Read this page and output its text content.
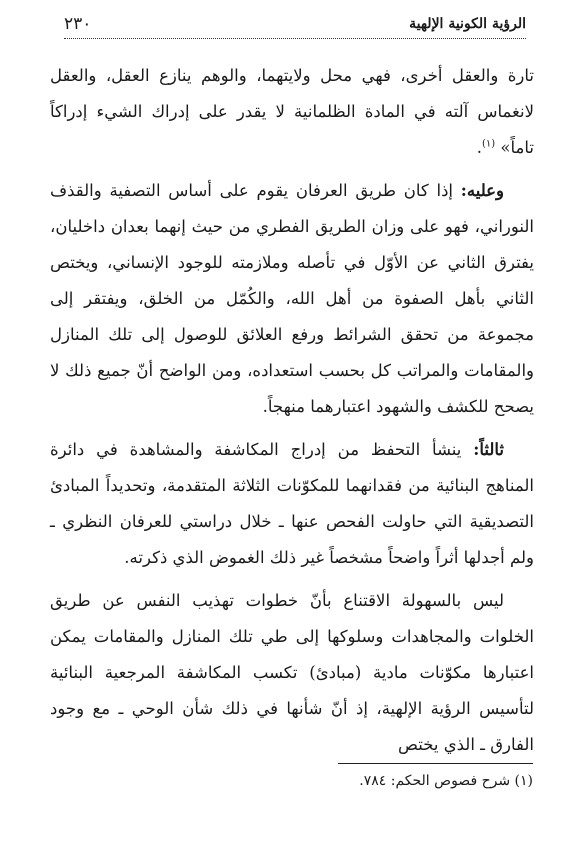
الرؤية الكونية الإلهية
٢٣٠

تارة والعقل أخرى، فهي محل ولايتهما، والوهم ينازع العقل، والعقل لانغماس آلته في المادة الظلمانية لا يقدر على إدراك الشيء إدراكاً تاماً» $^{(١)}$.

وعليه: إذا كان طريق العرفان يقوم على أساس التصفية والقذف النوراني، فهو على وزان الطريق الفطري من حيث إنهما بعدان داخليان، يفترق الثاني عن الأوّل في تأصله وملازمته للوجود الإنساني، ويختص الثاني بأهل الصفوة من أهل الله، والكُمّل من الخلق، ويفتقر إلى مجموعة من تحقق الشرائط ورفع العلائق للوصول إلى تلك المنازل والمقامات والمراتب كل بحسب استعداده، ومن الواضح أنّ جميع ذلك لا يصحح للكشف والشهود اعتبارهما منهجاً.

ثالثاً: ينشأ التحفظ من إدراج المكاشفة والمشاهدة في دائرة المناهج البنائية من فقدانهما للمكوّنات الثلاثة المتقدمة، وتحديداً المبادئ التصديقية التي حاولت الفحص عنها ـ خلال دراستي للعرفان النظري ـ ولم أجدلها أثراً واضحاً مشخصاً غير ذلك الغموض الذي ذكرته.

ليس بالسهولة الاقتناع بأنّ خطوات تهذيب النفس عن طريق الخلوات والمجاهدات وسلوكها إلى طي تلك المنازل والمقامات يمكن اعتبارها مكوّنات مادية (مبادئ) تكسب المكاشفة المرجعية البنائية لتأسيس الرؤية الإلهية، إذ أنّ شأنها في ذلك شأن الوحي ـ مع وجود الفارق ـ الذي يختص

(١) شرح فصوص الحكم: ٧٨٤.
